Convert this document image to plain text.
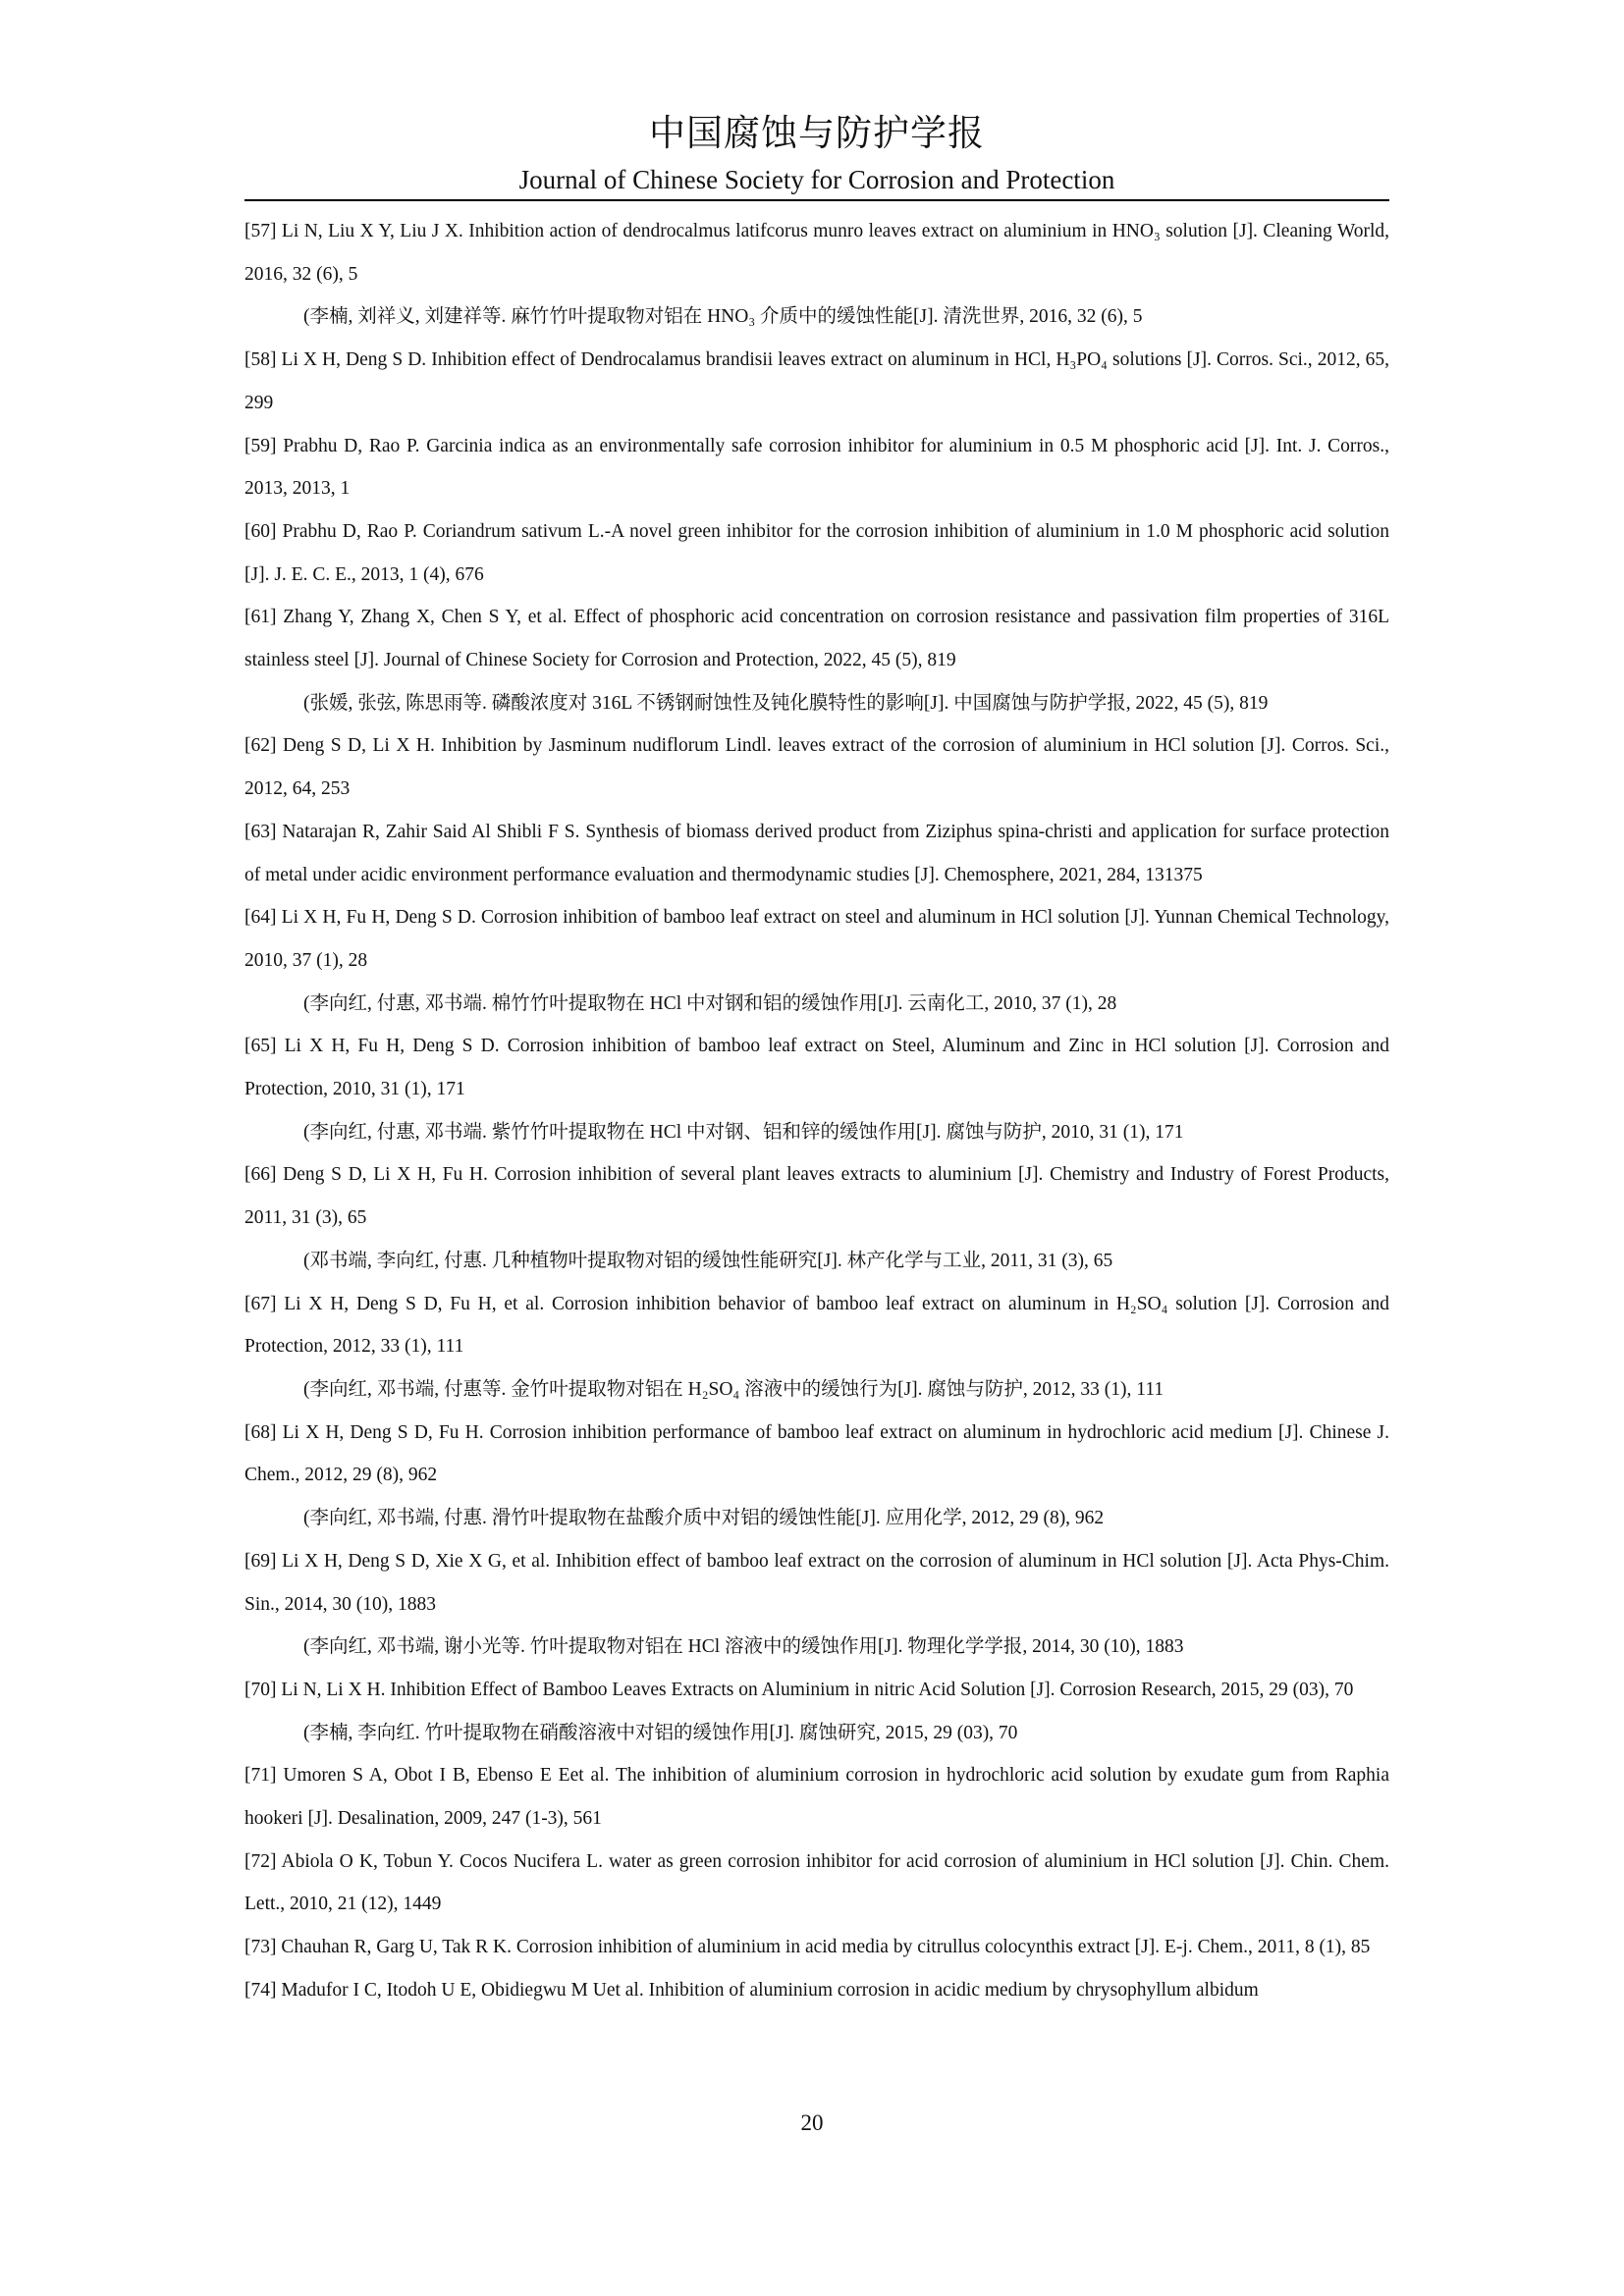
中国腐蚀与防护学报
Journal of Chinese Society for Corrosion and Protection
[57] Li N, Liu X Y, Liu J X. Inhibition action of dendrocalmus latifcorus munro leaves extract on aluminium in HNO₃ solution [J]. Cleaning World, 2016, 32 (6), 5
(李楠, 刘祥义, 刘建祥等. 麻竹竹叶提取物对铝在 HNO₃ 介质中的缓蚀性能[J]. 清洗世界, 2016, 32 (6), 5
[58] Li X H, Deng S D. Inhibition effect of Dendrocalamus brandisii leaves extract on aluminum in HCl, H₃PO₄ solutions [J]. Corros. Sci., 2012, 65, 299
[59] Prabhu D, Rao P. Garcinia indica as an environmentally safe corrosion inhibitor for aluminium in 0.5 M phosphoric acid [J]. Int. J. Corros., 2013, 2013, 1
[60] Prabhu D, Rao P. Coriandrum sativum L.-A novel green inhibitor for the corrosion inhibition of aluminium in 1.0 M phosphoric acid solution [J]. J. E. C. E., 2013, 1 (4), 676
[61] Zhang Y, Zhang X, Chen S Y, et al. Effect of phosphoric acid concentration on corrosion resistance and passivation film properties of 316L stainless steel [J]. Journal of Chinese Society for Corrosion and Protection, 2022, 45 (5), 819
(张媛, 张弦, 陈思雨等. 磷酸浓度对 316L 不锈钢耐蚀性及钝化膜特性的影响[J]. 中国腐蚀与防护学报, 2022, 45 (5), 819
[62] Deng S D, Li X H. Inhibition by Jasminum nudiflorum Lindl. leaves extract of the corrosion of aluminium in HCl solution [J]. Corros. Sci., 2012, 64, 253
[63] Natarajan R, Zahir Said Al Shibli F S. Synthesis of biomass derived product from Ziziphus spina-christi and application for surface protection of metal under acidic environment performance evaluation and thermodynamic studies [J]. Chemosphere, 2021, 284, 131375
[64] Li X H, Fu H, Deng S D. Corrosion inhibition of bamboo leaf extract on steel and aluminum in HCl solution [J]. Yunnan Chemical Technology, 2010, 37 (1), 28
(李向红, 付惠, 邓书端. 棉竹竹叶提取物在 HCl 中对钢和铝的缓蚀作用[J]. 云南化工, 2010, 37 (1), 28
[65] Li X H, Fu H, Deng S D. Corrosion inhibition of bamboo leaf extract on Steel, Aluminum and Zinc in HCl solution [J]. Corrosion and Protection, 2010, 31 (1), 171
(李向红, 付惠, 邓书端. 紫竹竹叶提取物在 HCl 中对钢、铝和锌的缓蚀作用[J]. 腐蚀与防护, 2010, 31 (1), 171
[66] Deng S D, Li X H, Fu H. Corrosion inhibition of several plant leaves extracts to aluminium [J]. Chemistry and Industry of Forest Products, 2011, 31 (3), 65
(邓书端, 李向红, 付惠. 几种植物叶提取物对铝的缓蚀性能研究[J]. 林产化学与工业, 2011, 31 (3), 65
[67] Li X H, Deng S D, Fu H, et al. Corrosion inhibition behavior of bamboo leaf extract on aluminum in H₂SO₄ solution [J]. Corrosion and Protection, 2012, 33 (1), 111
(李向红, 邓书端, 付惠等. 金竹叶提取物对铝在 H₂SO₄ 溶液中的缓蚀行为[J]. 腐蚀与防护, 2012, 33 (1), 111
[68] Li X H, Deng S D, Fu H. Corrosion inhibition performance of bamboo leaf extract on aluminum in hydrochloric acid medium [J]. Chinese J. Chem., 2012, 29 (8), 962
(李向红, 邓书端, 付惠. 滑竹叶提取物在盐酸介质中对铝的缓蚀性能[J]. 应用化学, 2012, 29 (8), 962
[69] Li X H, Deng S D, Xie X G, et al. Inhibition effect of bamboo leaf extract on the corrosion of aluminum in HCl solution [J]. Acta Phys-Chim. Sin., 2014, 30 (10), 1883
(李向红, 邓书端, 谢小光等. 竹叶提取物对铝在 HCl 溶液中的缓蚀作用[J]. 物理化学学报, 2014, 30 (10), 1883
[70] Li N, Li X H. Inhibition Effect of Bamboo Leaves Extracts on Aluminium in nitric Acid Solution [J]. Corrosion Research, 2015, 29 (03), 70
(李楠, 李向红. 竹叶提取物在硝酸溶液中对铝的缓蚀作用[J]. 腐蚀研究, 2015, 29 (03), 70
[71] Umoren S A, Obot I B, Ebenso E Eet al. The inhibition of aluminium corrosion in hydrochloric acid solution by exudate gum from Raphia hookeri [J]. Desalination, 2009, 247 (1-3), 561
[72] Abiola O K, Tobun Y. Cocos Nucifera L. water as green corrosion inhibitor for acid corrosion of aluminium in HCl solution [J]. Chin. Chem. Lett., 2010, 21 (12), 1449
[73] Chauhan R, Garg U, Tak R K. Corrosion inhibition of aluminium in acid media by citrullus colocynthis extract [J]. E-j. Chem., 2011, 8 (1), 85
[74] Madufor I C, Itodoh U E, Obidiegwu M Uet al. Inhibition of aluminium corrosion in acidic medium by chrysophyllum albidum
20
